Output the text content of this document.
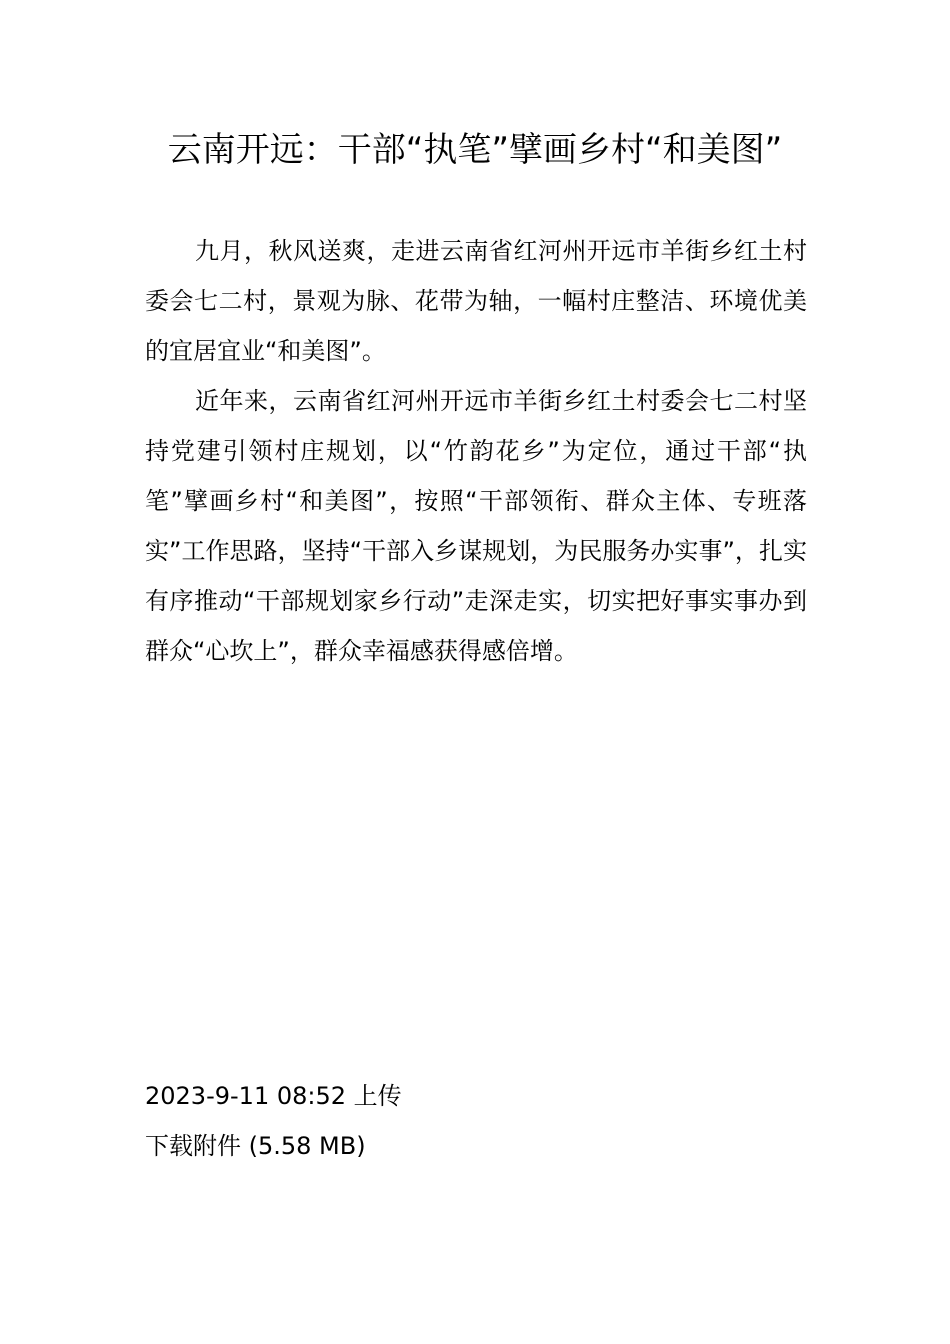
云南开远：干部“执笔”擘画乡村“和美图”

九月，秋风送爽，走进云南省红河州开远市羊街乡红土村委会七二村，景观为脉、花带为轴，一幅村庄整洁、环境优美的宜居宜业“和美图”。

近年来，云南省红河州开远市羊街乡红土村委会七二村坚持党建引领村庄规划，以“竹韵花乡”为定位，通过干部“执笔”擘画乡村“和美图”，按照“干部领衔、群众主体、专班落实”工作思路，坚持“干部入乡谋规划，为民服务办实事”，扎实有序推动“干部规划家乡行动”走深走实，切实把好事实事办到群众“心坎上”，群众幸福感获得感倍增。

2023-9-11 08:52 上传

下载附件 (5.58 MB)
